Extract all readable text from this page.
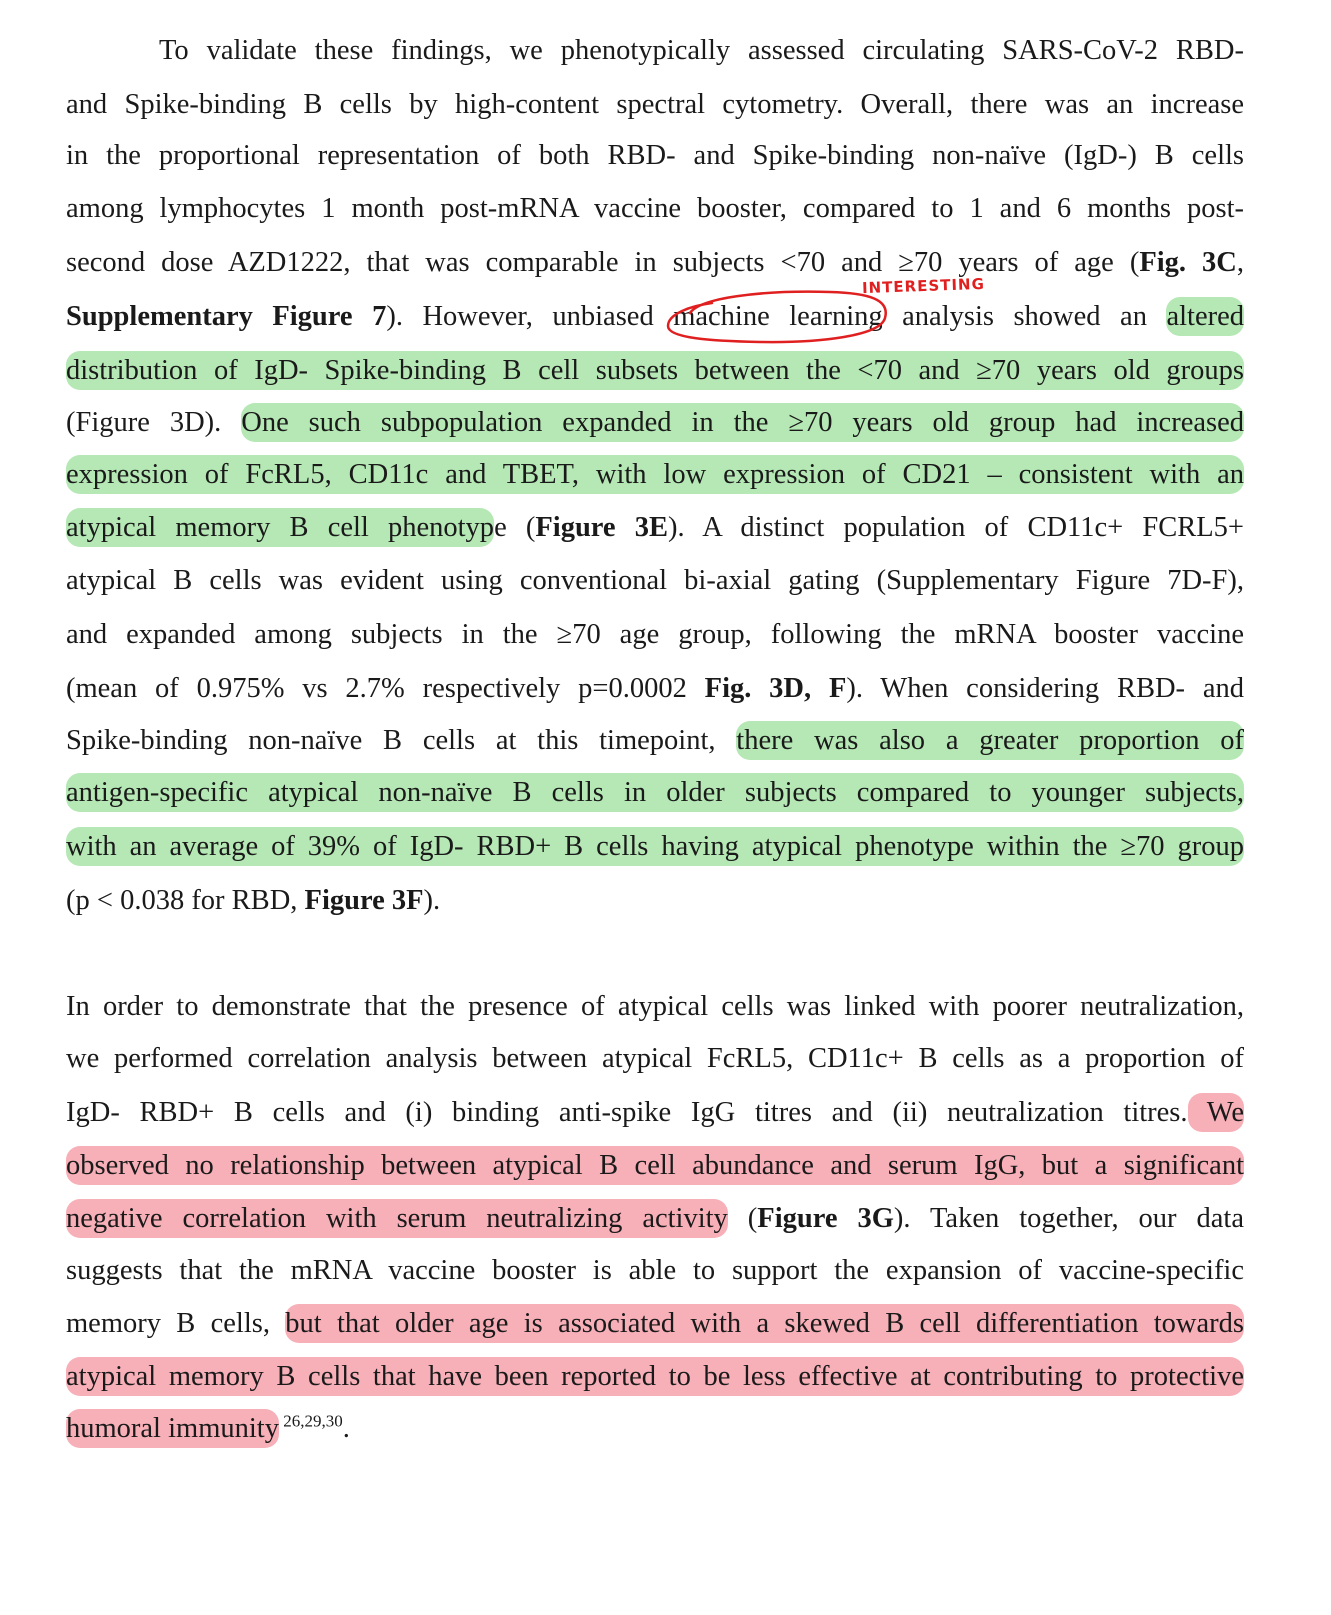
To validate these findings, we phenotypically assessed circulating SARS-CoV-2 RBD-
and Spike-binding B cells by high-content spectral cytometry. Overall, there was an increase
in the proportional representation of both RBD- and Spike-binding non-naïve (IgD-) B cells
among lymphocytes 1 month post-mRNA vaccine booster, compared to 1 and 6 months post-
second dose AZD1222, that was comparable in subjects <70 and ≥70 years of age (Fig. 3C,
Supplementary Figure 7). However, unbiased machine learning analysis showed an altered
distribution of IgD- Spike-binding B cell subsets between the <70 and ≥70 years old groups
(Figure 3D). One such subpopulation expanded in the ≥70 years old group had increased
expression of FcRL5, CD11c and TBET, with low expression of CD21 – consistent with an
atypical memory B cell phenotype (Figure 3E). A distinct population of CD11c+ FCRL5+
atypical B cells was evident using conventional bi-axial gating (Supplementary Figure 7D-F),
and expanded among subjects in the ≥70 age group, following the mRNA booster vaccine
(mean of 0.975% vs 2.7% respectively p=0.0002 Fig. 3D, F). When considering RBD- and
Spike-binding non-naïve B cells at this timepoint, there was also a greater proportion of
antigen-specific atypical non-naïve B cells in older subjects compared to younger subjects,
with an average of 39% of IgD- RBD+ B cells having atypical phenotype within the ≥70 group
(p < 0.038 for RBD, Figure 3F).
In order to demonstrate that the presence of atypical cells was linked with poorer neutralization,
we performed correlation analysis between atypical FcRL5, CD11c+ B cells as a proportion of
IgD- RBD+ B cells and (i) binding anti-spike IgG titres and (ii) neutralization titres. We
observed no relationship between atypical B cell abundance and serum IgG, but a significant
negative correlation with serum neutralizing activity (Figure 3G). Taken together, our data
suggests that the mRNA vaccine booster is able to support the expansion of vaccine-specific
memory B cells, but that older age is associated with a skewed B cell differentiation towards
atypical memory B cells that have been reported to be less effective at contributing to protective
humoral immunity $^{26,29,30}$.
INTERESTING
